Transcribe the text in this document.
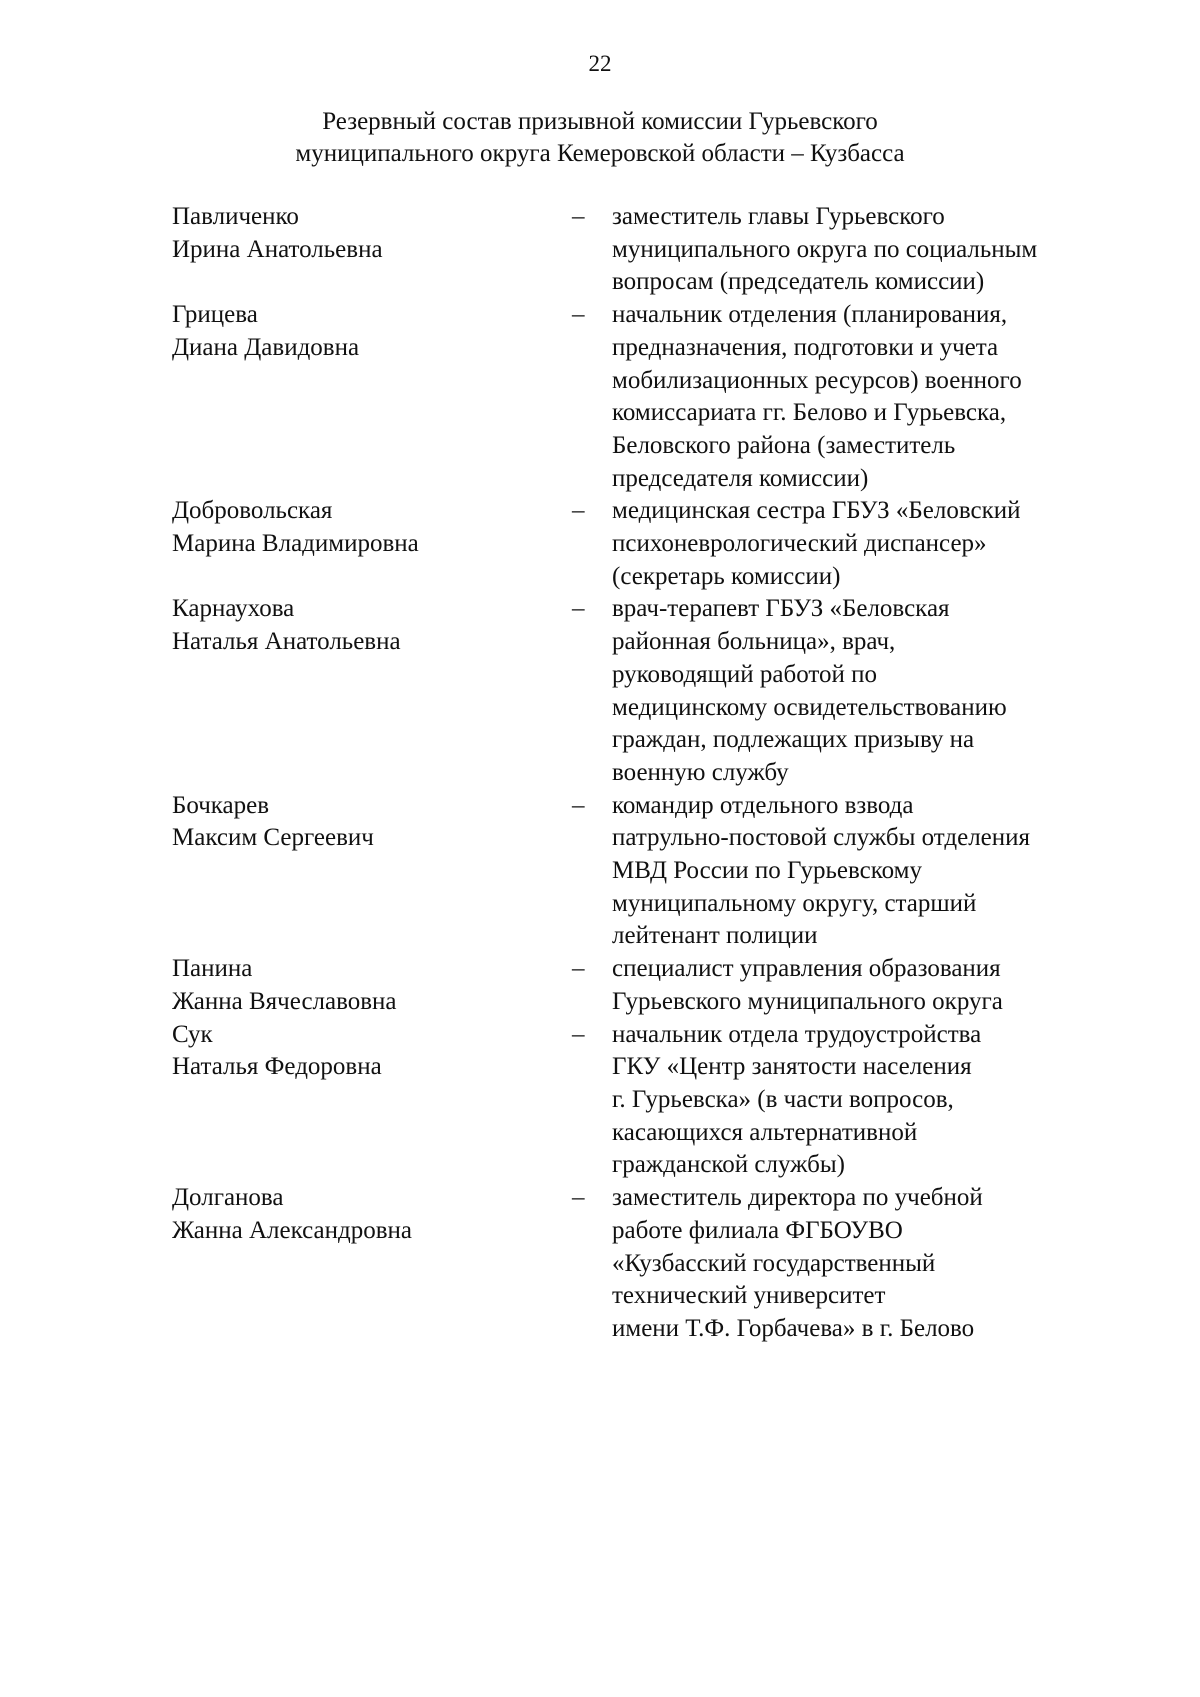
22
Резервный состав призывной комиссии Гурьевского
муниципального округа Кемеровской области – Кузбасса
Павличенко
Ирина Анатольевна
– заместитель главы Гурьевского
муниципального округа по социальным
вопросам (председатель комиссии)
Грицева
Диана Давидовна
– начальник отделения (планирования,
предназначения, подготовки и учета
мобилизационных ресурсов) военного
комиссариата гг. Белово и Гурьевска,
Беловского района (заместитель
председателя комиссии)
Добровольская
Марина Владимировна
– медицинская сестра ГБУЗ «Беловский
психоневрологический диспансер»
(секретарь комиссии)
Карнаухова
Наталья Анатольевна
– врач-терапевт ГБУЗ «Беловская
районная больница», врач,
руководящий работой по
медицинскому освидетельствованию
граждан, подлежащих призыву на
военную службу
Бочкарев
Максим Сергеевич
– командир отдельного взвода
патрульно-постовой службы отделения
МВД России по Гурьевскому
муниципальному округу, старший
лейтенант полиции
Панина
Жанна Вячеславовна
– специалист управления образования
Гурьевского муниципального округа
Сук
Наталья Федоровна
– начальник отдела трудоустройства
ГКУ «Центр занятости населения
г. Гурьевска» (в части вопросов,
касающихся альтернативной
гражданской службы)
Долганова
Жанна Александровна
– заместитель директора по учебной
работе филиала ФГБОУВО
«Кузбасский государственный
технический университет
имени Т.Ф. Горбачева» в г. Белово
